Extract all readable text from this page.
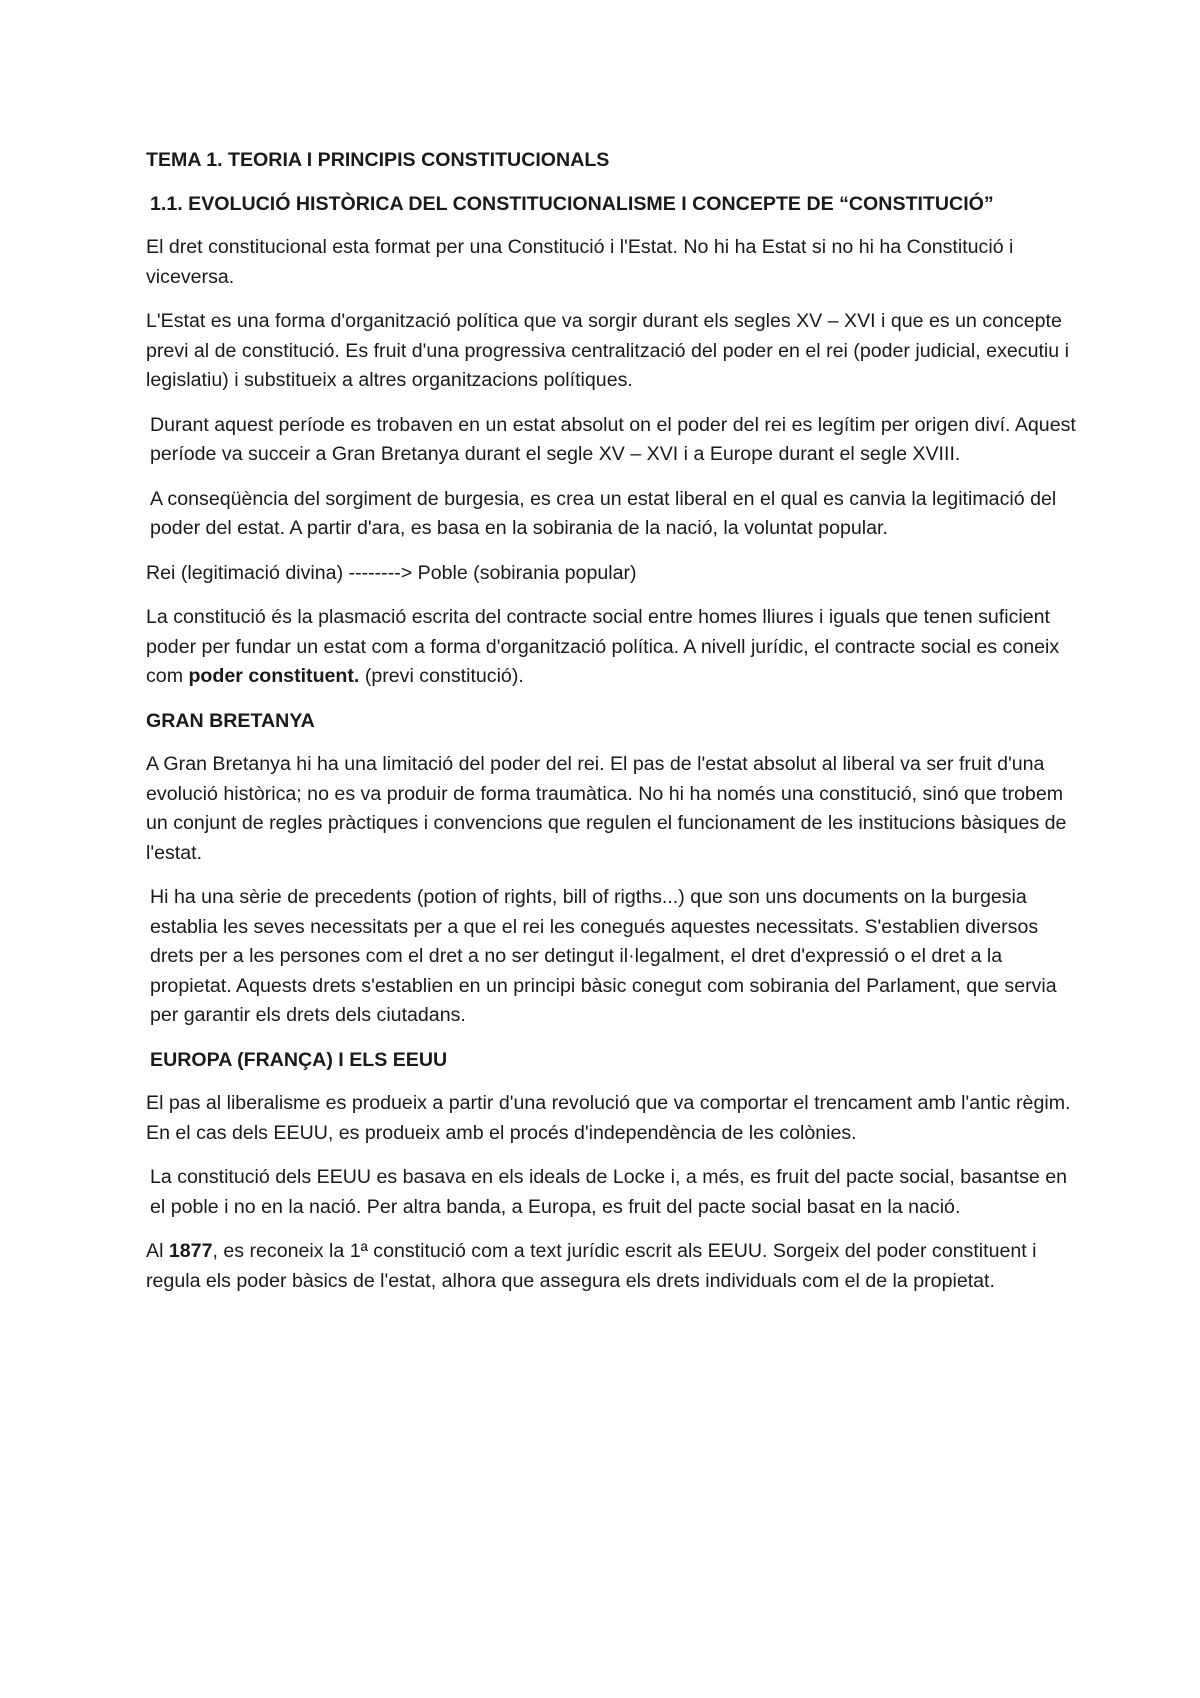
TEMA 1. TEORIA I PRINCIPIS CONSTITUCIONALS
1.1. EVOLUCIÓ HISTÒRICA DEL CONSTITUCIONALISME I CONCEPTE DE “CONSTITUCIÓ”
El dret constitucional esta format per una Constitució i l'Estat. No hi ha Estat si no hi ha Constitució i viceversa.
L'Estat es una forma d'organització política que va sorgir durant els segles XV – XVI i que es un concepte previ al de constitució. Es fruit d'una progressiva centralització del poder en el rei (poder judicial, executiu i legislatiu) i substitueix a altres organitzacions polítiques.
Durant aquest període es trobaven en un estat absolut on el poder del rei es legítim per origen diví. Aquest període va succeir a Gran Bretanya durant el segle XV – XVI i a Europe durant el segle XVIII.
A conseqüència del sorgiment de burgesia, es crea un estat liberal en el qual es canvia la legitimació del poder del estat. A partir d'ara, es basa en la sobirania de la nació, la voluntat popular.
Rei (legitimació divina) --------> Poble (sobirania popular)
La constitució és la plasmació escrita del contracte social entre homes lliures i iguals que tenen suficient poder per fundar un estat com a forma d'organització política. A nivell jurídic, el contracte social es coneix com poder constituent. (previ constitució).
GRAN BRETANYA
A Gran Bretanya hi ha una limitació del poder del rei. El pas de l'estat absolut al liberal va ser fruit d'una evolució històrica; no es va produir de forma traumàtica. No hi ha només una constitució, sinó que trobem un conjunt de regles pràctiques i convencions que regulen el funcionament de les institucions bàsiques de l'estat.
Hi ha una sèrie de precedents (potion of rights, bill of rigths...) que son uns documents on la burgesia establia les seves necessitats per a que el rei les conegués aquestes necessitats. S'establien diversos drets per a les persones com el dret a no ser detingut il·legalment, el dret d'expressió o el dret a la propietat. Aquests drets s'establien en un principi bàsic conegut com sobirania del Parlament, que servia per garantir els drets dels ciutadans.
EUROPA (FRANÇA) I ELS EEUU
El pas al liberalisme es produeix a partir d'una revolució que va comportar el trencament amb l'antic règim. En el cas dels EEUU, es produeix amb el procés d'independència de les colònies.
La constitució dels EEUU es basava en els ideals de Locke i, a més, es fruit del pacte social, basantse en el poble i no en la nació. Per altra banda, a Europa, es fruit del pacte social basat en la nació.
Al 1877, es reconeix la 1ª constitució com a text jurídic escrit als EEUU. Sorgeix del poder constituent i regula els poder bàsics de l'estat, alhora que assegura els drets individuals com el de la propietat.
